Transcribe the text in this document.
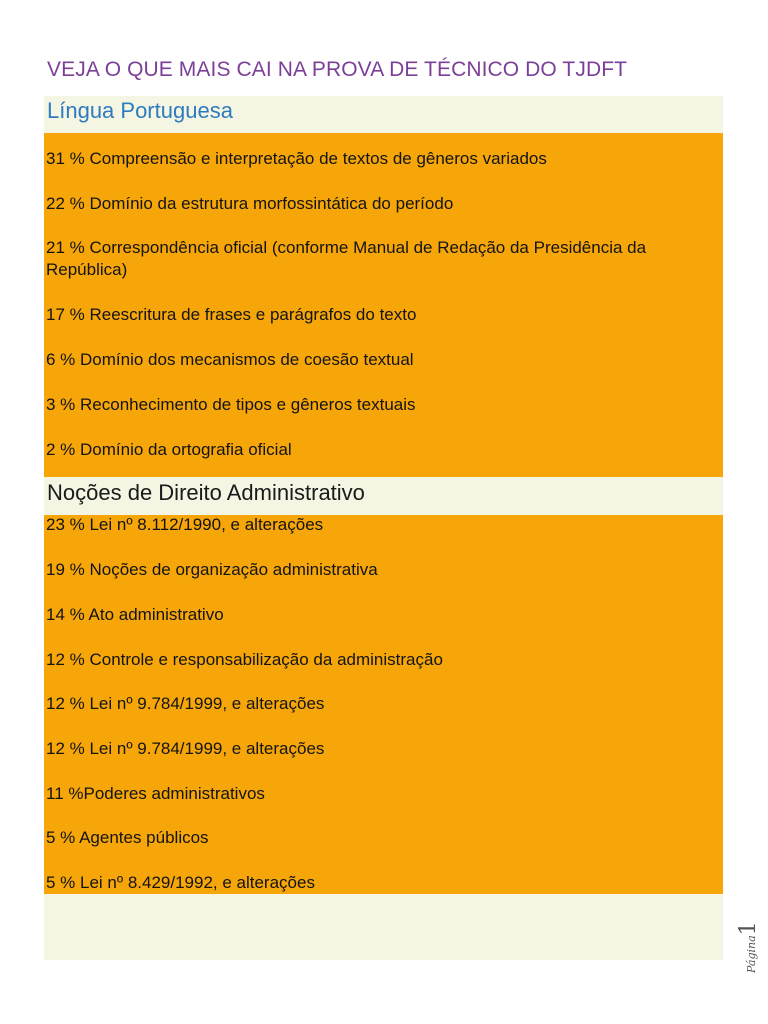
VEJA O QUE MAIS CAI NA PROVA DE TÉCNICO DO TJDFT
Língua Portuguesa
31 % Compreensão e interpretação de textos de gêneros variados
22 % Domínio da estrutura morfossintática do período
21 % Correspondência oficial (conforme Manual de Redação da Presidência da República)
17 % Reescritura de frases e parágrafos do texto
6 % Domínio dos mecanismos de coesão textual
3 % Reconhecimento de tipos e gêneros textuais
2 % Domínio da ortografia oficial
Noções de Direito Administrativo
23 % Lei nº 8.112/1990, e alterações
19 % Noções de organização administrativa
14 % Ato administrativo
12 % Controle e responsabilização da administração
12 % Lei nº 9.784/1999, e alterações
12 % Lei nº 9.784/1999, e alterações
11 %Poderes administrativos
5 % Agentes públicos
5 % Lei nº 8.429/1992, e alterações
Página1
